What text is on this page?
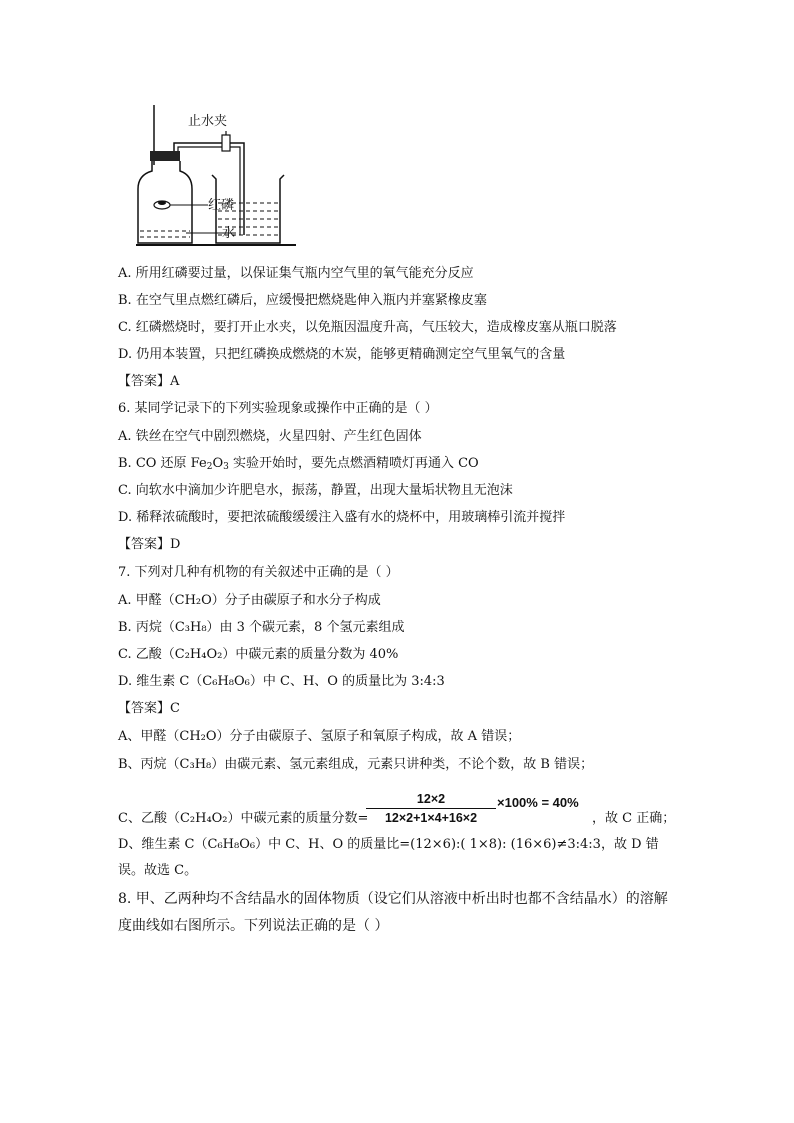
止水夹
红磷
水
A. 所用红磷要过量，以保证集气瓶内空气里的氧气能充分反应
B. 在空气里点燃红磷后，应缓慢把燃烧匙伸入瓶内并塞紧橡皮塞
C. 红磷燃烧时，要打开止水夹，以免瓶因温度升高，气压较大，造成橡皮塞从瓶口脱落
D. 仍用本装置，只把红磷换成燃烧的木炭，能够更精确测定空气里氧气的含量
【答案】A
6. 某同学记录下的下列实验现象或操作中正确的是（ ）
A. 铁丝在空气中剧烈燃烧，火星四射、产生红色固体
B. CO 还原 $Fe_2O_3$ 实验开始时，要先点燃酒精喷灯再通入 CO
C. 向软水中滴加少许肥皂水，振荡，静置，出现大量垢状物且无泡沫
D. 稀释浓硫酸时，要把浓硫酸缓缓注入盛有水的烧杯中，用玻璃棒引流并搅拌
【答案】D
7. 下列对几种有机物的有关叙述中正确的是（ ）
A. 甲醛（CH₂O）分子由碳原子和水分子构成
B. 丙烷（C₃H₈）由 3 个碳元素，8 个氢元素组成
C. 乙酸（C₂H₄O₂）中碳元素的质量分数为 40%
D. 维生素 C（C₆H₈O₆）中 C、H、O 的质量比为 3:4:3
【答案】C
A、甲醛（CH₂O）分子由碳原子、氢原子和氧原子构成，故 A 错误；
B、丙烷（C₃H₈）由碳元素、氢元素组成，元素只讲种类，不论个数，故 B 错误；
C、乙酸（C₂H₄O₂）中碳元素的质量分数=
12×2
12×2+1×4+16×2
×100% = 40%
，故 C 正确；
D、维生素 C（C₆H₈O₆）中 C、H、O 的质量比=(12×6):( 1×8): (16×6)≠3:4:3，故 D 错
误。故选 C。
8. 甲、乙两种均不含结晶水的固体物质（设它们从溶液中析出时也都不含结晶水）的溶解
度曲线如右图所示。下列说法正确的是（ ）
